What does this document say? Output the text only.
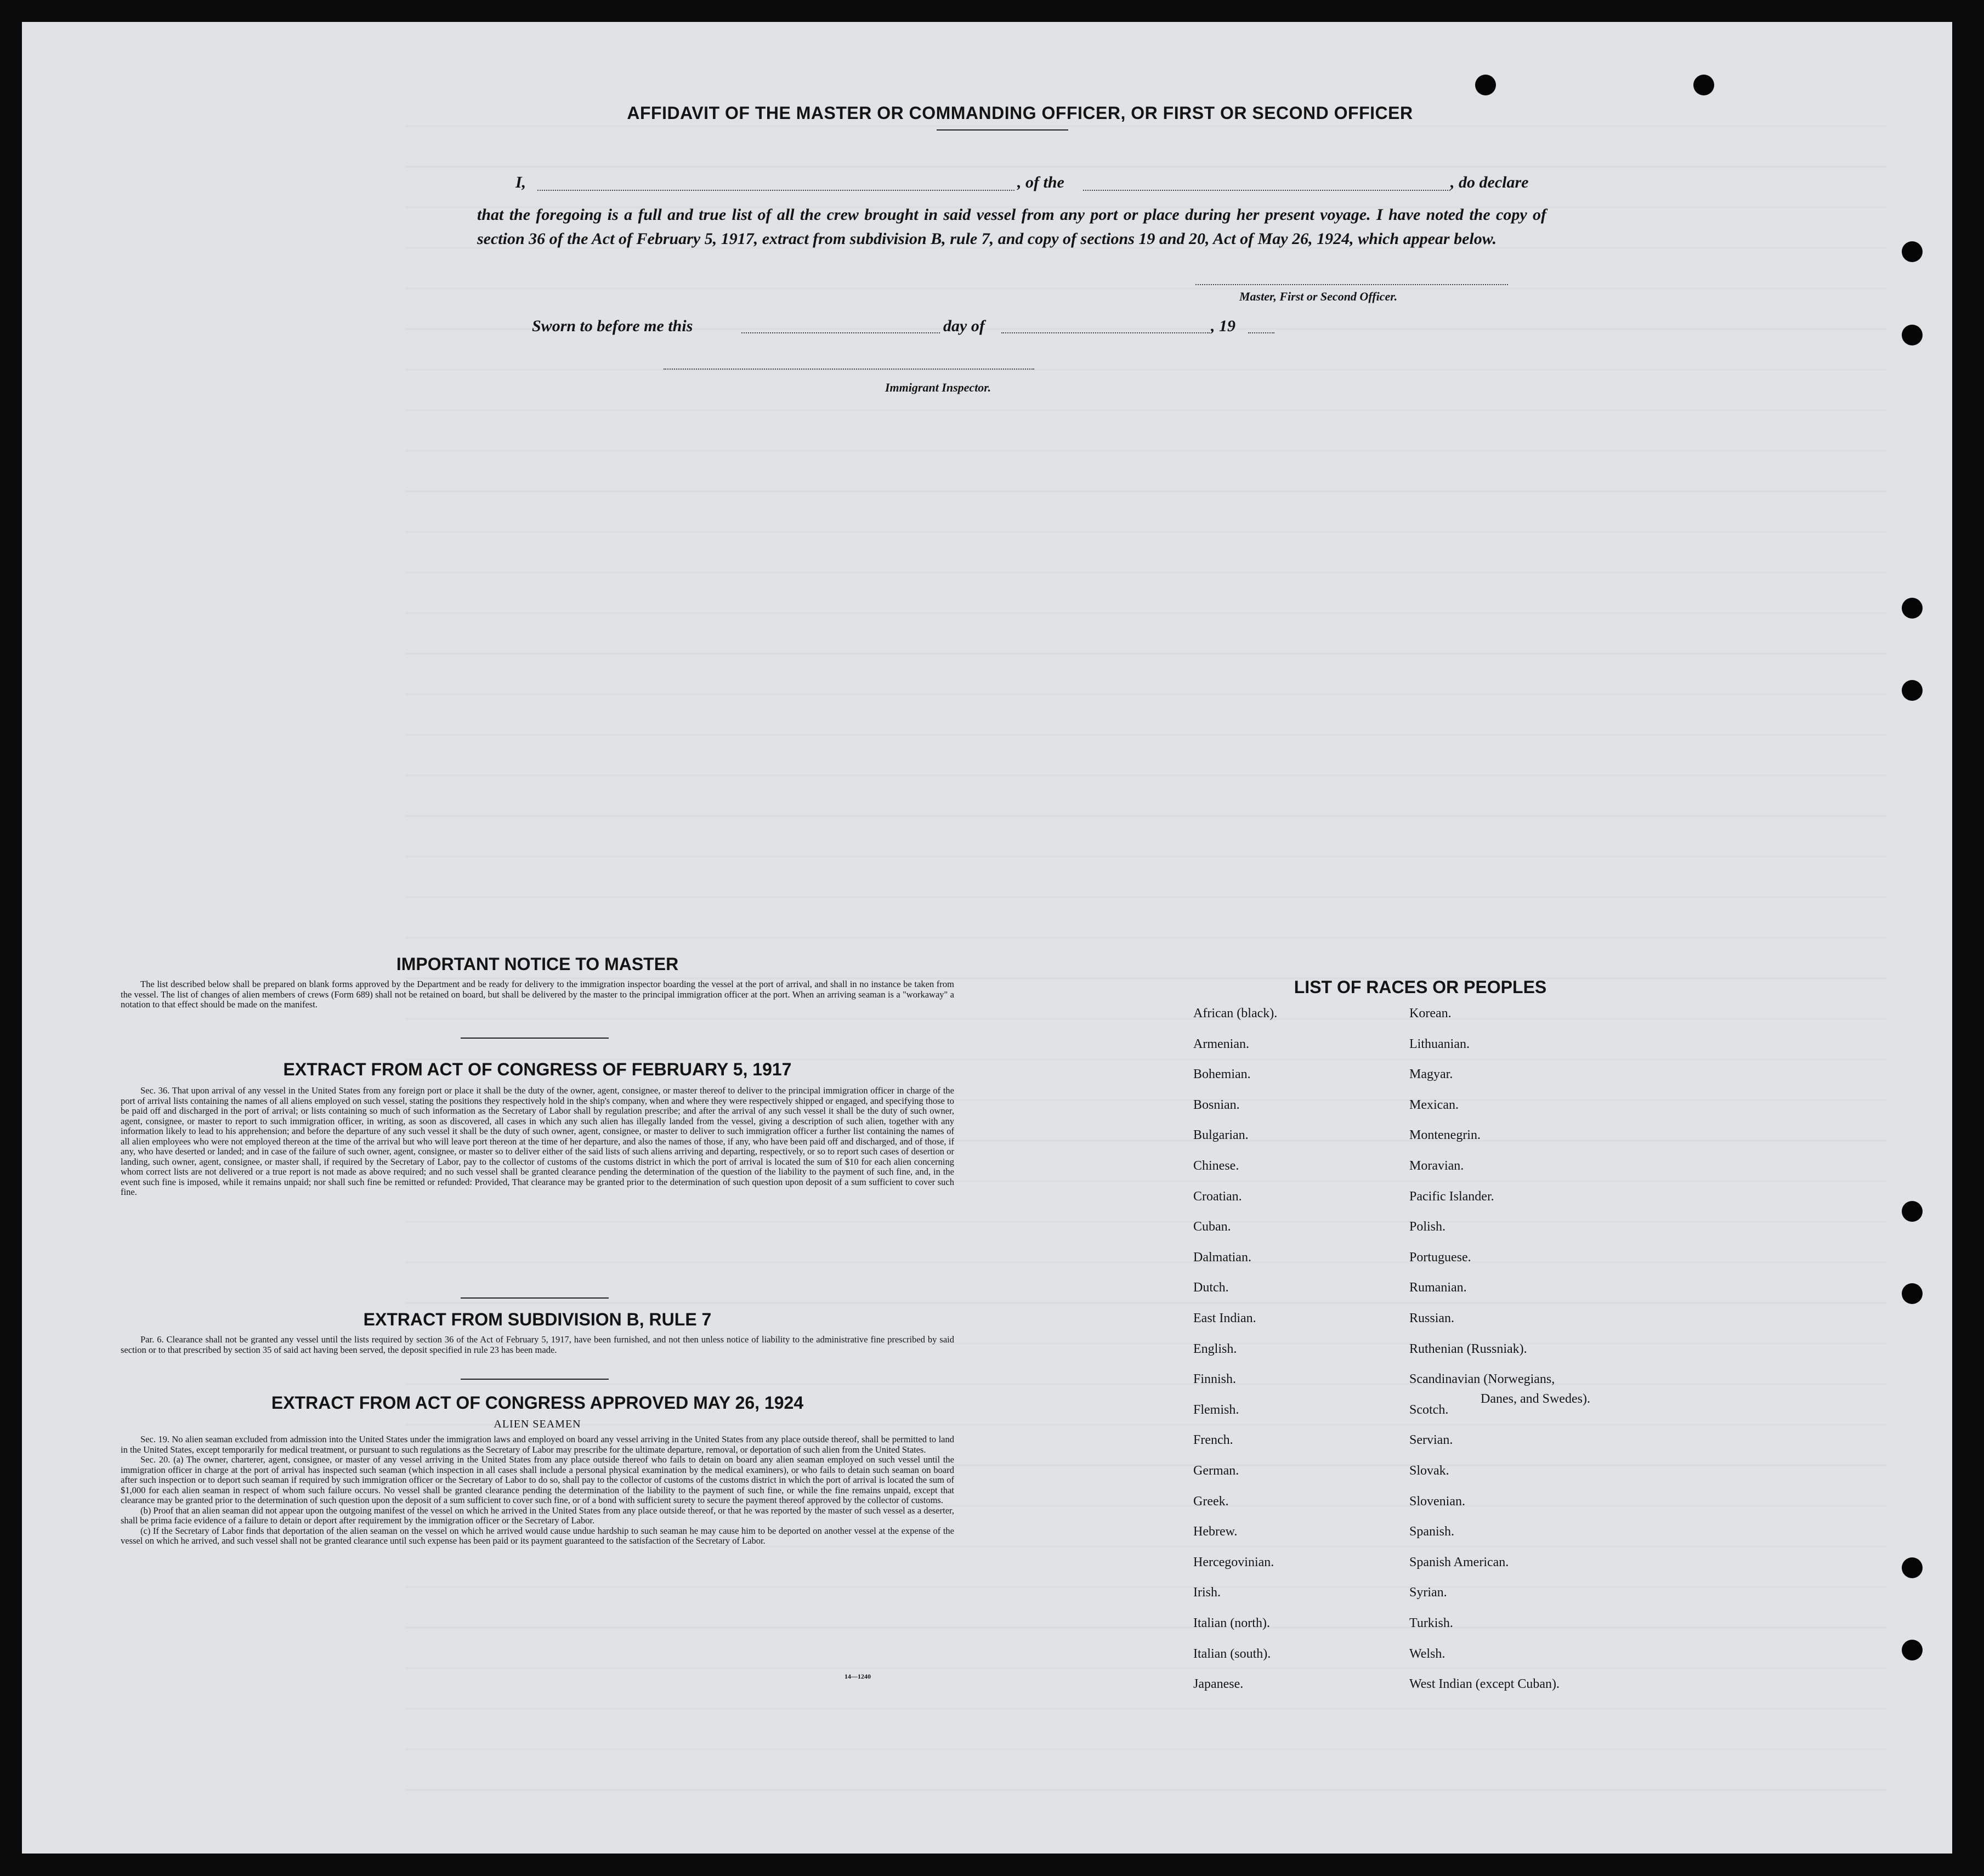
AFFIDAVIT OF THE MASTER OR COMMANDING OFFICER, OR FIRST OR SECOND OFFICER
I,	, of the	, do declare
that the foregoing is a full and true list of all the crew brought in said vessel from any port or place during her present voyage. I have noted the copy of section 36 of the Act of February 5, 1917, extract from subdivision B, rule 7, and copy of sections 19 and 20, Act of May 26, 1924, which appear below.
Master, First or Second Officer.
Sworn to before me this	day of	, 19
Immigrant Inspector.
IMPORTANT NOTICE TO MASTER

The list described below shall be prepared on blank forms approved by the Department and be ready for delivery to the immigration inspector boarding the vessel at the port of arrival, and shall in no instance be taken from the vessel. The list of changes of alien members of crews (Form 689) shall not be retained on board, but shall be delivered by the master to the principal immigration officer at the port. When an arriving seaman is a "workaway" a notation to that effect should be made on the manifest.

EXTRACT FROM ACT OF CONGRESS OF FEBRUARY 5, 1917

Sec. 36. That upon arrival of any vessel in the United States from any foreign port or place it shall be the duty of the owner, agent, consignee, or master thereof to deliver to the principal immigration officer in charge of the port of arrival lists containing the names of all aliens employed on such vessel, stating the positions they respectively hold in the ship's company, when and where they were respectively shipped or engaged, and specifying those to be paid off and discharged in the port of arrival; or lists containing so much of such information as the Secretary of Labor shall by regulation prescribe; and after the arrival of any such vessel it shall be the duty of such owner, agent, consignee, or master to report to such immigration officer, in writing, as soon as discovered, all cases in which any such alien has illegally landed from the vessel, giving a description of such alien, together with any information likely to lead to his apprehension; and before the departure of any such vessel it shall be the duty of such owner, agent, consignee, or master to deliver to such immigration officer a further list containing the names of all alien employees who were not employed thereon at the time of the arrival but who will leave port thereon at the time of her departure, and also the names of those, if any, who have been paid off and discharged, and of those, if any, who have deserted or landed; and in case of the failure of such owner, agent, consignee, or master so to deliver either of the said lists of such aliens arriving and departing, respectively, or so to report such cases of desertion or landing, such owner, agent, consignee, or master shall, if required by the Secretary of Labor, pay to the collector of customs of the customs district in which the port of arrival is located the sum of $10 for each alien concerning whom correct lists are not delivered or a true report is not made as above required; and no such vessel shall be granted clearance pending the determination of the question of the liability to the payment of such fine, and, in the event such fine is imposed, while it remains unpaid; nor shall such fine be remitted or refunded: Provided, That clearance may be granted prior to the determination of such question upon deposit of a sum sufficient to cover such fine.

EXTRACT FROM SUBDIVISION B, RULE 7

Par. 6. Clearance shall not be granted any vessel until the lists required by section 36 of the Act of February 5, 1917, have been furnished, and not then unless notice of liability to the administrative fine prescribed by said section or to that prescribed by section 35 of said act having been served, the deposit specified in rule 23 has been made.

EXTRACT FROM ACT OF CONGRESS APPROVED MAY 26, 1924
ALIEN SEAMEN

Sec. 19. No alien seaman excluded from admission into the United States under the immigration laws and employed on board any vessel arriving in the United States from any place outside thereof, shall be permitted to land in the United States, except temporarily for medical treatment, or pursuant to such regulations as the Secretary of Labor may prescribe for the ultimate departure, removal, or deportation of such alien from the United States.

Sec. 20. (a) The owner, charterer, agent, consignee, or master of any vessel arriving in the United States from any place outside thereof who fails to detain on board any alien seaman employed on such vessel until the immigration officer in charge at the port of arrival has inspected such seaman (which inspection in all cases shall include a personal physical examination by the medical examiners), or who fails to detain such seaman on board after such inspection or to deport such seaman if required by such immigration officer or the Secretary of Labor to do so, shall pay to the collector of customs of the customs district in which the port of arrival is located the sum of $1,000 for each alien seaman in respect of whom such failure occurs. No vessel shall be granted clearance pending the determination of the liability to the payment of such fine, or while the fine remains unpaid, except that clearance may be granted prior to the determination of such question upon the deposit of a sum sufficient to cover such fine, or of a bond with sufficient surety to secure the payment thereof approved by the collector of customs.

(b) Proof that an alien seaman did not appear upon the outgoing manifest of the vessel on which he arrived in the United States from any place outside thereof, or that he was reported by the master of such vessel as a deserter, shall be prima facie evidence of a failure to detain or deport after requirement by the immigration officer or the Secretary of Labor.

(c) If the Secretary of Labor finds that deportation of the alien seaman on the vessel on which he arrived would cause undue hardship to such seaman he may cause him to be deported on another vessel at the expense of the vessel on which he arrived, and such vessel shall not be granted clearance until such expense has been paid or its payment guaranteed to the satisfaction of the Secretary of Labor.

14—1240
LIST OF RACES OR PEOPLES
Danes, and Swedes).
African (black).
Armenian.
Bohemian.
Bosnian.
Bulgarian.
Chinese.
Croatian.
Cuban.
Dalmatian.
Dutch.
East Indian.
English.
Finnish.
Flemish.
French.
German.
Greek.
Hebrew.
Hercegovinian.
Irish.
Italian (north).
Italian (south).
Japanese.
Korean.
Lithuanian.
Magyar.
Mexican.
Montenegrin.
Moravian.
Pacific Islander.
Polish.
Portuguese.
Rumanian.
Russian.
Ruthenian (Russniak).
Scandinavian (Norwegians,
Scotch.
Servian.
Slovak.
Slovenian.
Spanish.
Spanish American.
Syrian.
Turkish.
Welsh.
West Indian (except Cuban).
